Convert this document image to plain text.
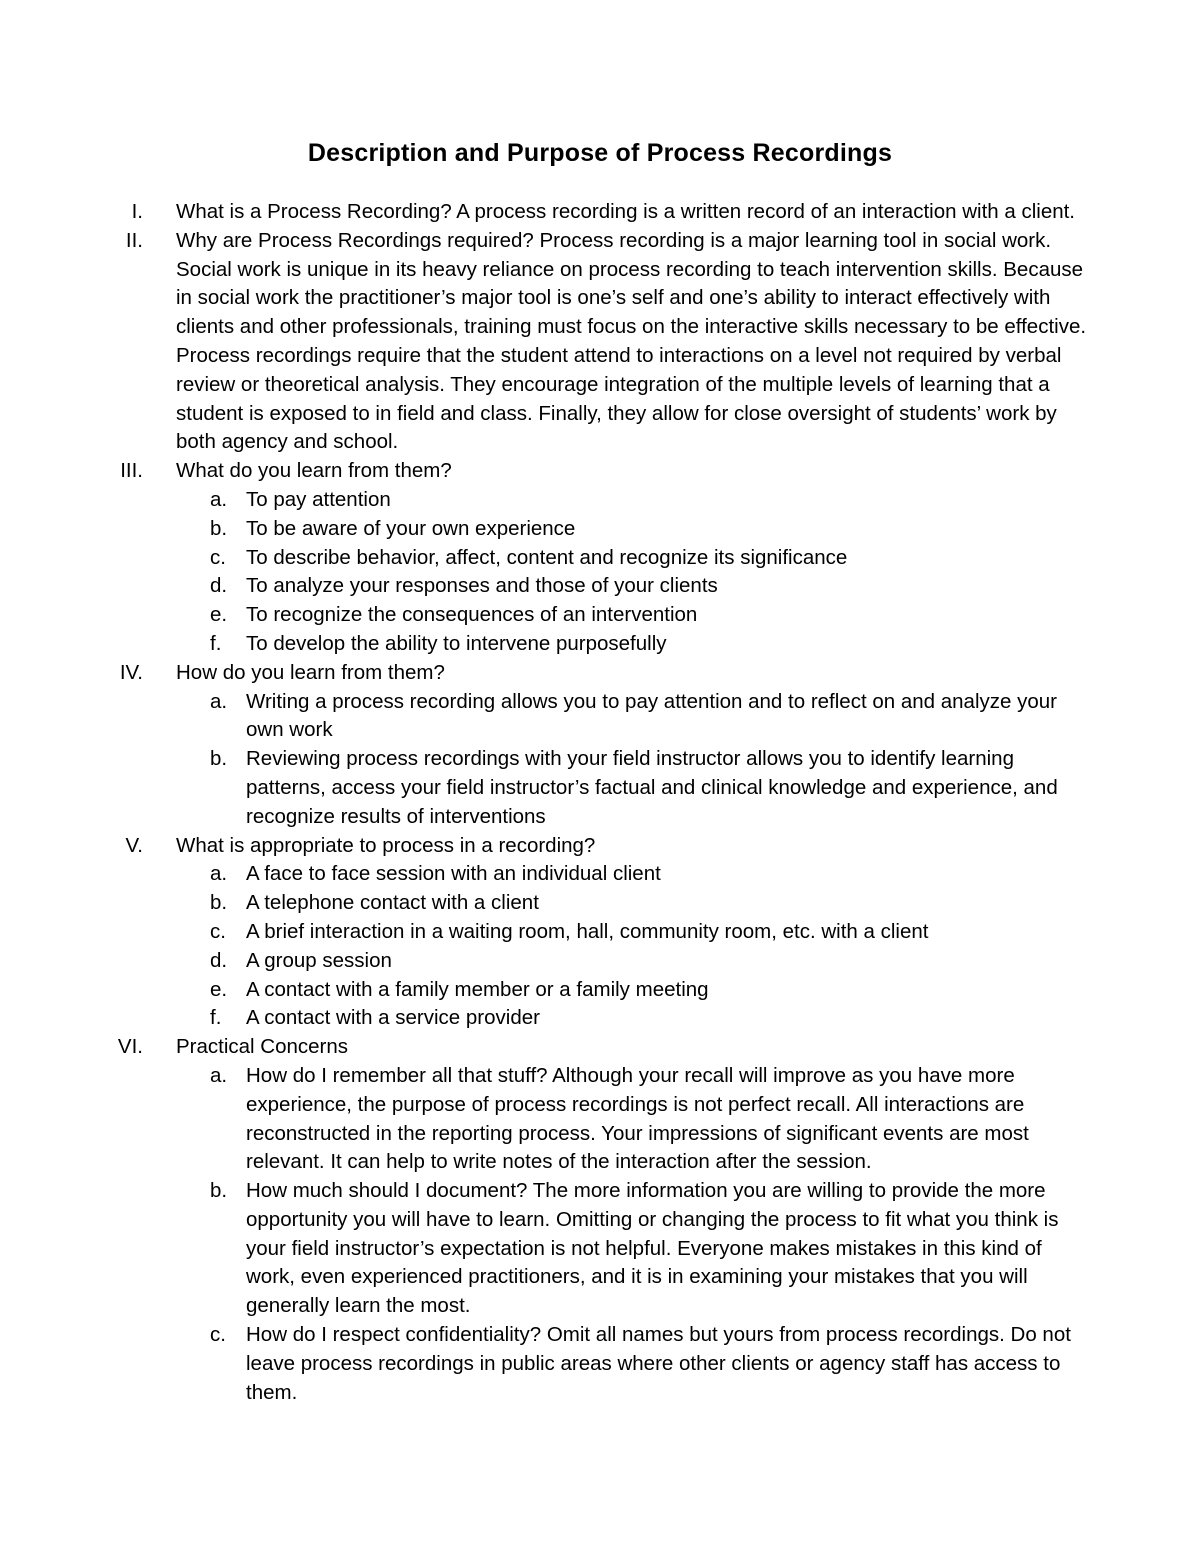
Description and Purpose of Process Recordings
I. What is a Process Recording? A process recording is a written record of an interaction with a client.
II. Why are Process Recordings required? Process recording is a major learning tool in social work. Social work is unique in its heavy reliance on process recording to teach intervention skills. Because in social work the practitioner’s major tool is one’s self and one’s ability to interact effectively with clients and other professionals, training must focus on the interactive skills necessary to be effective. Process recordings require that the student attend to interactions on a level not required by verbal review or theoretical analysis. They encourage integration of the multiple levels of learning that a student is exposed to in field and class. Finally, they allow for close oversight of students’ work by both agency and school.
III. What do you learn from them?
a. To pay attention
b. To be aware of your own experience
c. To describe behavior, affect, content and recognize its significance
d. To analyze your responses and those of your clients
e. To recognize the consequences of an intervention
f. To develop the ability to intervene purposefully
IV. How do you learn from them?
a. Writing a process recording allows you to pay attention and to reflect on and analyze your own work
b. Reviewing process recordings with your field instructor allows you to identify learning patterns, access your field instructor’s factual and clinical knowledge and experience, and recognize results of interventions
V. What is appropriate to process in a recording?
a. A face to face session with an individual client
b. A telephone contact with a client
c. A brief interaction in a waiting room, hall, community room, etc. with a client
d. A group session
e. A contact with a family member or a family meeting
f. A contact with a service provider
VI. Practical Concerns
a. How do I remember all that stuff? Although your recall will improve as you have more experience, the purpose of process recordings is not perfect recall. All interactions are reconstructed in the reporting process. Your impressions of significant events are most relevant. It can help to write notes of the interaction after the session.
b. How much should I document? The more information you are willing to provide the more opportunity you will have to learn. Omitting or changing the process to fit what you think is your field instructor’s expectation is not helpful. Everyone makes mistakes in this kind of work, even experienced practitioners, and it is in examining your mistakes that you will generally learn the most.
c. How do I respect confidentiality? Omit all names but yours from process recordings. Do not leave process recordings in public areas where other clients or agency staff has access to them.
